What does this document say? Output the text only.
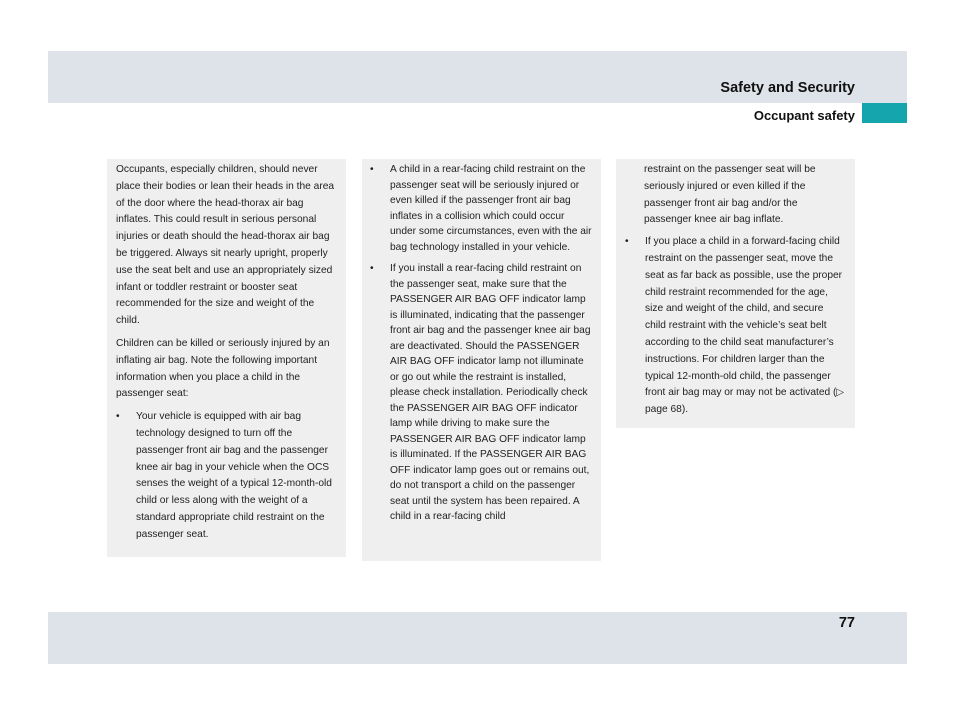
Safety and Security
Occupant safety

Occupants, especially children, should never place their bodies or lean their heads in the area of the door where the head-thorax air bag inflates. This could result in serious personal injuries or death should the head-thorax air bag be triggered. Always sit nearly upright, properly use the seat belt and use an appropriately sized infant or toddler restraint or booster seat recommended for the size and weight of the child.

Children can be killed or seriously injured by an inflating air bag. Note the following important information when you place a child in the passenger seat:

•	Your vehicle is equipped with air bag technology designed to turn off the passenger front air bag and the passenger knee air bag in your vehicle when the OCS senses the weight of a typical 12-month-old child or less along with the weight of a standard appropriate child restraint on the passenger seat.
•	A child in a rear-facing child restraint on the passenger seat will be seriously injured or even killed if the passenger front air bag inflates in a collision which could occur under some circumstances, even with the air bag technology installed in your vehicle.
•	If you install a rear-facing child restraint on the passenger seat, make sure that the PASSENGER AIR BAG OFF indicator lamp is illuminated, indicating that the passenger front air bag and the passenger knee air bag are deactivated. Should the PASSENGER AIR BAG OFF indicator lamp not illuminate or go out while the restraint is installed, please check installation. Periodically check the PASSENGER AIR BAG OFF indicator lamp while driving to make sure the PASSENGER AIR BAG OFF indicator lamp is illuminated. If the PASSENGER AIR BAG OFF indicator lamp goes out or remains out, do not transport a child on the passenger seat until the system has been repaired. A child in a rear-facing child

restraint on the passenger seat will be seriously injured or even killed if the passenger front air bag and/or the passenger knee air bag inflate.

•	If you place a child in a forward-facing child restraint on the passenger seat, move the seat as far back as possible, use the proper child restraint recommended for the age, size and weight of the child, and secure child restraint with the vehicle’s seat belt according to the child seat manufacturer’s instructions. For children larger than the typical 12-month-old child, the passenger front air bag may or may not be activated (▷ page 68).
77
